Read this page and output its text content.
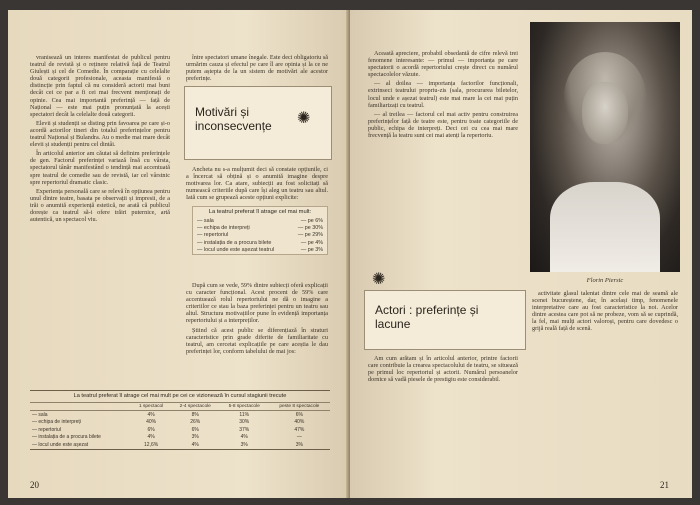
vranisează un interes manifestat de publicul pentru teatrul de revistă și o reținere relativă față de Teatrul Giulești și cel de Comedie. În comparație cu celelalte două categorii profesionale, aceasta manifestă o distincție prin faptul că nu consideră actorii mai buni decât cei ce par a fi cei mai frecvent menționați de opinie. Cea mai importantă preferință — față de Național — este mai puțin pronunțată la acești spectatori decât la celelalte două categorii.

Elevii și studenții se disting prin favoarea pe care și-o acordă actorilor tineri din totalul preferințelor pentru teatrul Național și Bulandra. Au o medie mai mare decât elevii și studenții pentru cel dintâi.

În articolul anterior am căutat să definim preferințele de gen. Factorul preferinței variază însă cu vârsta, spectatorul tânăr manifestând o tendință mai accentuată spre teatrul de comedie sau de revistă, iar cel vârstnic spre repertoriul dramatic clasic.

Experiența personală care se relevă în opțiunea pentru unul dintre teatre, basata pe observații și impresii, de a trăi o anumită experiență estetică, ne arată că publicul dorește ca teatrul să-i ofere trăiri puternice, artă autentică, un spectacol viu.

între spectatori umane înegale. Este deci obligatoriu să urmărim cauza și efectul pe care îl are opinia și la ce ne putem aștepta de la un sistem de motivări ale acestor preferințe.

Motivări și inconsecvențe	✺

Ancheta nu s-a mulțumit deci să constate opțiunile, ci a încercat să obțină și o anumită imagine despre motivarea lor. Ca atare, subiecții au fost solicitați să numească criteriile după care își aleg un teatru sau altul. Iată cum se grupează aceste opțiuni explicite:

La teatrul preferat îl atrage cel mai mult:
— sala	— pe 6%
— echipa de interpreți	— pe 30%
— repertoriul	— pe 29%
— instalația de a procura bilete	— pe 4%
— locul unde este așezat teatrul	— pe 3%

După cum se vede, 59% dintre subiecți oferă explicații cu caracter funcțional. Acest procent de 59% care accentuează rolul repertoriului ne dă o imagine a criteriilor ce stau la baza preferinței pentru un teatru sau altul. Structura motivațiilor pune în evidență importanța repertoriului și a interpreților.

Știind că acest public se diferențiază în straturi caracteristice prin grade diferite de familiaritate cu teatrul, am cercetat explicațiile pe care aceștia le dau preferinței lor, conform tabelului de mai jos:

La teatrul preferat îl atrage cel mai mult pe cei ce vizionează în cursul stagiunii trecute
	1 spectacol	2-4 spectacole	5-8 spectacole	peste 8 spectacole
— sala	4%	8%	11%	6%
— echipa de interpreți	40%	26%	30%	40%
— repertoriul	6%	6%	37%	47%
— instalația de a procura bilete	4%	3%	4%	—
— locul unde este așezat	12,6%	4%	3%	3%
20

Această apreciere, probabil obsedantă de cifre relevă trei fenomene interesante: — primul — importanța pe care spectatorii o acordă repertoriului crește direct cu numărul spectacolelor văzute.

— al doilea — importanța factorilor funcționali, extrinseci teatrului propriu-zis (sala, procurarea biletelor, locul unde e așezat teatrul) este mai mare la cei mai puțin familiarizați cu teatrul.

— al treilea — factorul cel mai activ pentru construirea preferințelor față de teatre este, pentru toate categoriile de public, echipa de interpreți. Deci cei cu cea mai mare frecvență la teatru sunt cei mai atenți la repertoriu.

Florin Piersic
✺
Actori : preferințe și lacune

Am cum arătam și în articolul anterior, printre factorii care contribuie la crearea spectacolului de teatru, se situează pe primul loc repertoriul și actorii. Numărul persoanelor dornice să vadă piesele de prestigiu este considerabil.

activitate glasul talentat dintre cele mai de seamă ale scenei bucureștene, dar, în același timp, fenomenele interpretative care au fost caracteristice la noi. Acelor dintre acestea care pot să ne probeze, vom să se cuprindă, la fel, mai mulți actori valoroși, pentru care dovedesc o grijă reală față de scenă.

21
